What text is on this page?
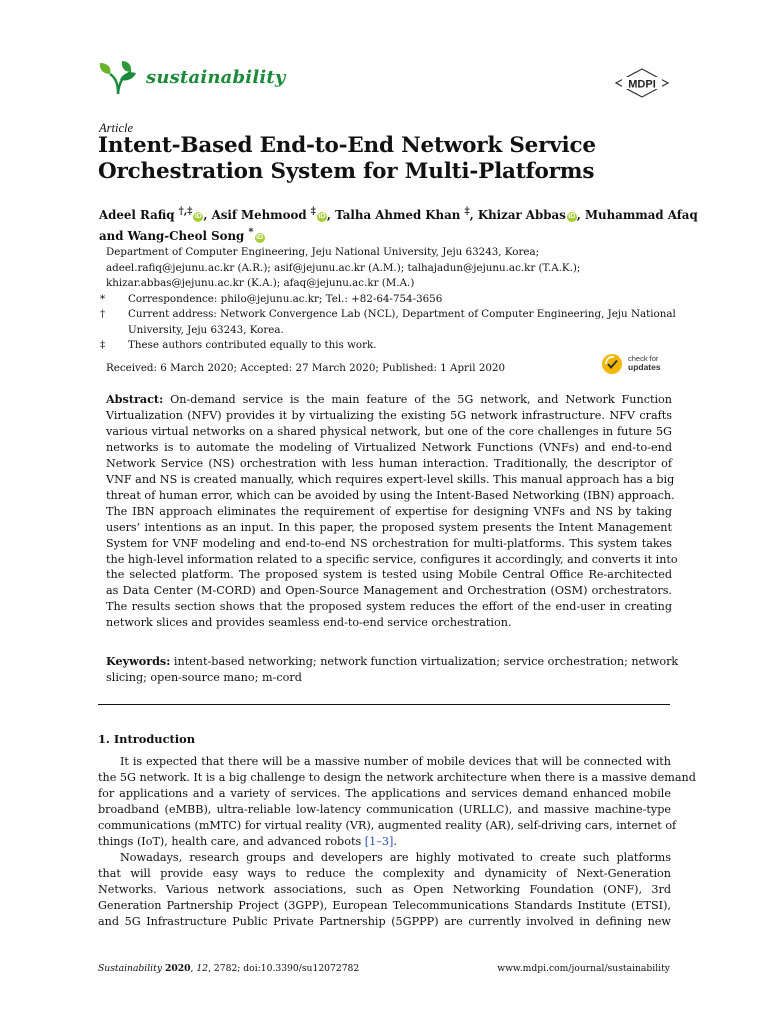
sustainability	MDPI
Article
Intent-Based End-to-End Network Service
Orchestration System for Multi-Platforms
Adeel Rafiq †,‡ iD , Asif Mehmood ‡ iD , Talha Ahmed Khan ‡, Khizar Abbas iD , Muhammad Afaq
and Wang-Cheol Song * iD
Department of Computer Engineering, Jeju National University, Jeju 63243, Korea;
adeel.rafiq@jejunu.ac.kr (A.R.); asif@jejunu.ac.kr (A.M.); talhajadun@jejunu.ac.kr (T.A.K.);
khizar.abbas@jejunu.ac.kr (K.A.); afaq@jejunu.ac.kr (M.A.)
* Correspondence: philo@jejunu.ac.kr; Tel.: +82-64-754-3656
† Current address: Network Convergence Lab (NCL), Department of Computer Engineering, Jeju National
University, Jeju 63243, Korea.
‡ These authors contributed equally to this work.
Received: 6 March 2020; Accepted: 27 March 2020; Published: 1 April 2020
check for
updates
Abstract: On-demand service is the main feature of the 5G network, and Network Function
Virtualization (NFV) provides it by virtualizing the existing 5G network infrastructure. NFV crafts
various virtual networks on a shared physical network, but one of the core challenges in future 5G
networks is to automate the modeling of Virtualized Network Functions (VNFs) and end-to-end
Network Service (NS) orchestration with less human interaction. Traditionally, the descriptor of
VNF and NS is created manually, which requires expert-level skills. This manual approach has a big
threat of human error, which can be avoided by using the Intent-Based Networking (IBN) approach.
The IBN approach eliminates the requirement of expertise for designing VNFs and NS by taking
users’ intentions as an input. In this paper, the proposed system presents the Intent Management
System for VNF modeling and end-to-end NS orchestration for multi-platforms. This system takes
the high-level information related to a specific service, configures it accordingly, and converts it into
the selected platform. The proposed system is tested using Mobile Central Office Re-architected
as Data Center (M-CORD) and Open-Source Management and Orchestration (OSM) orchestrators.
The results section shows that the proposed system reduces the effort of the end-user in creating
network slices and provides seamless end-to-end service orchestration.
Keywords: intent-based networking; network function virtualization; service orchestration; network
slicing; open-source mano; m-cord
1. Introduction
It is expected that there will be a massive number of mobile devices that will be connected with
the 5G network. It is a big challenge to design the network architecture when there is a massive demand
for applications and a variety of services. The applications and services demand enhanced mobile
broadband (eMBB), ultra-reliable low-latency communication (URLLC), and massive machine-type
communications (mMTC) for virtual reality (VR), augmented reality (AR), self-driving cars, internet of
things (IoT), health care, and advanced robots [1–3].
Nowadays, research groups and developers are highly motivated to create such platforms
that will provide easy ways to reduce the complexity and dynamicity of Next-Generation
Networks. Various network associations, such as Open Networking Foundation (ONF), 3rd
Generation Partnership Project (3GPP), European Telecommunications Standards Institute (ETSI),
and 5G Infrastructure Public Private Partnership (5GPPP) are currently involved in defining new
Sustainability 2020, 12, 2782; doi:10.3390/su12072782	www.mdpi.com/journal/sustainability
